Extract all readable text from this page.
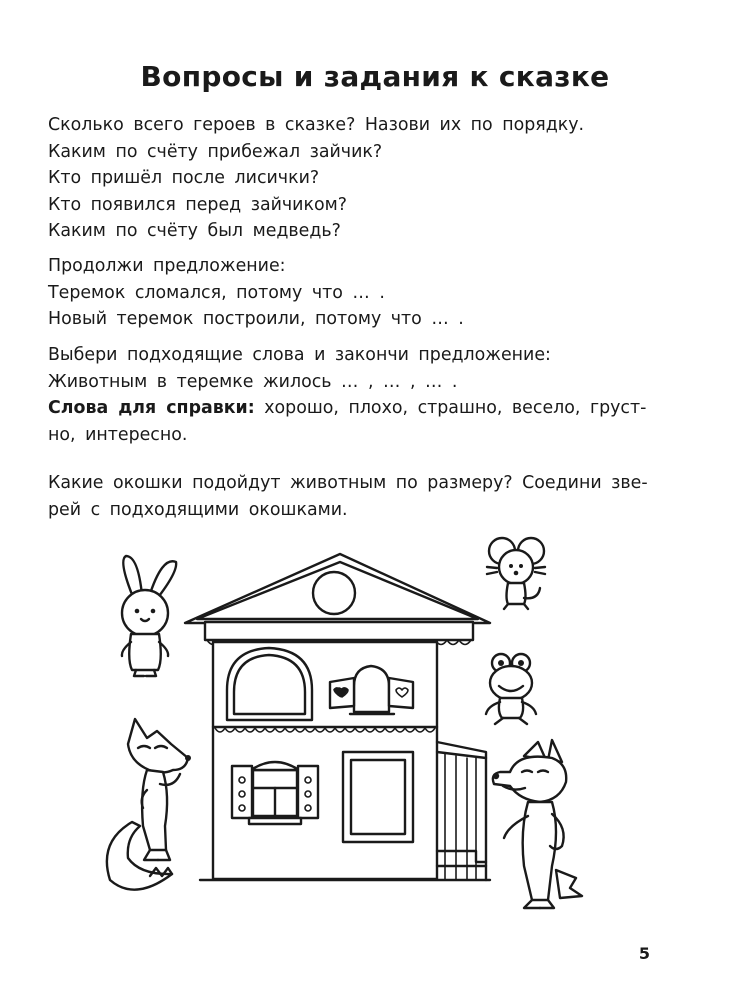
Вопросы и задания к сказке

Сколько всего героев в сказке? Назови их по порядку.

Каким по счёту прибежал зайчик?

Кто пришёл после лисички?

Кто появился перед зайчиком?

Каким по счёту был медведь?

Продолжи предложение:

Теремок сломался, потому что … .

Новый теремок построили, потому что … .

Выбери подходящие слова и закончи предложение:

Животным в теремке жилось … , … , … .

Слова для справки: хорошо, плохо, страшно, весело, груст-

но, интересно.

Какие окошки подойдут животным по размеру? Соедини зве-

рей с подходящими окошками.

5
